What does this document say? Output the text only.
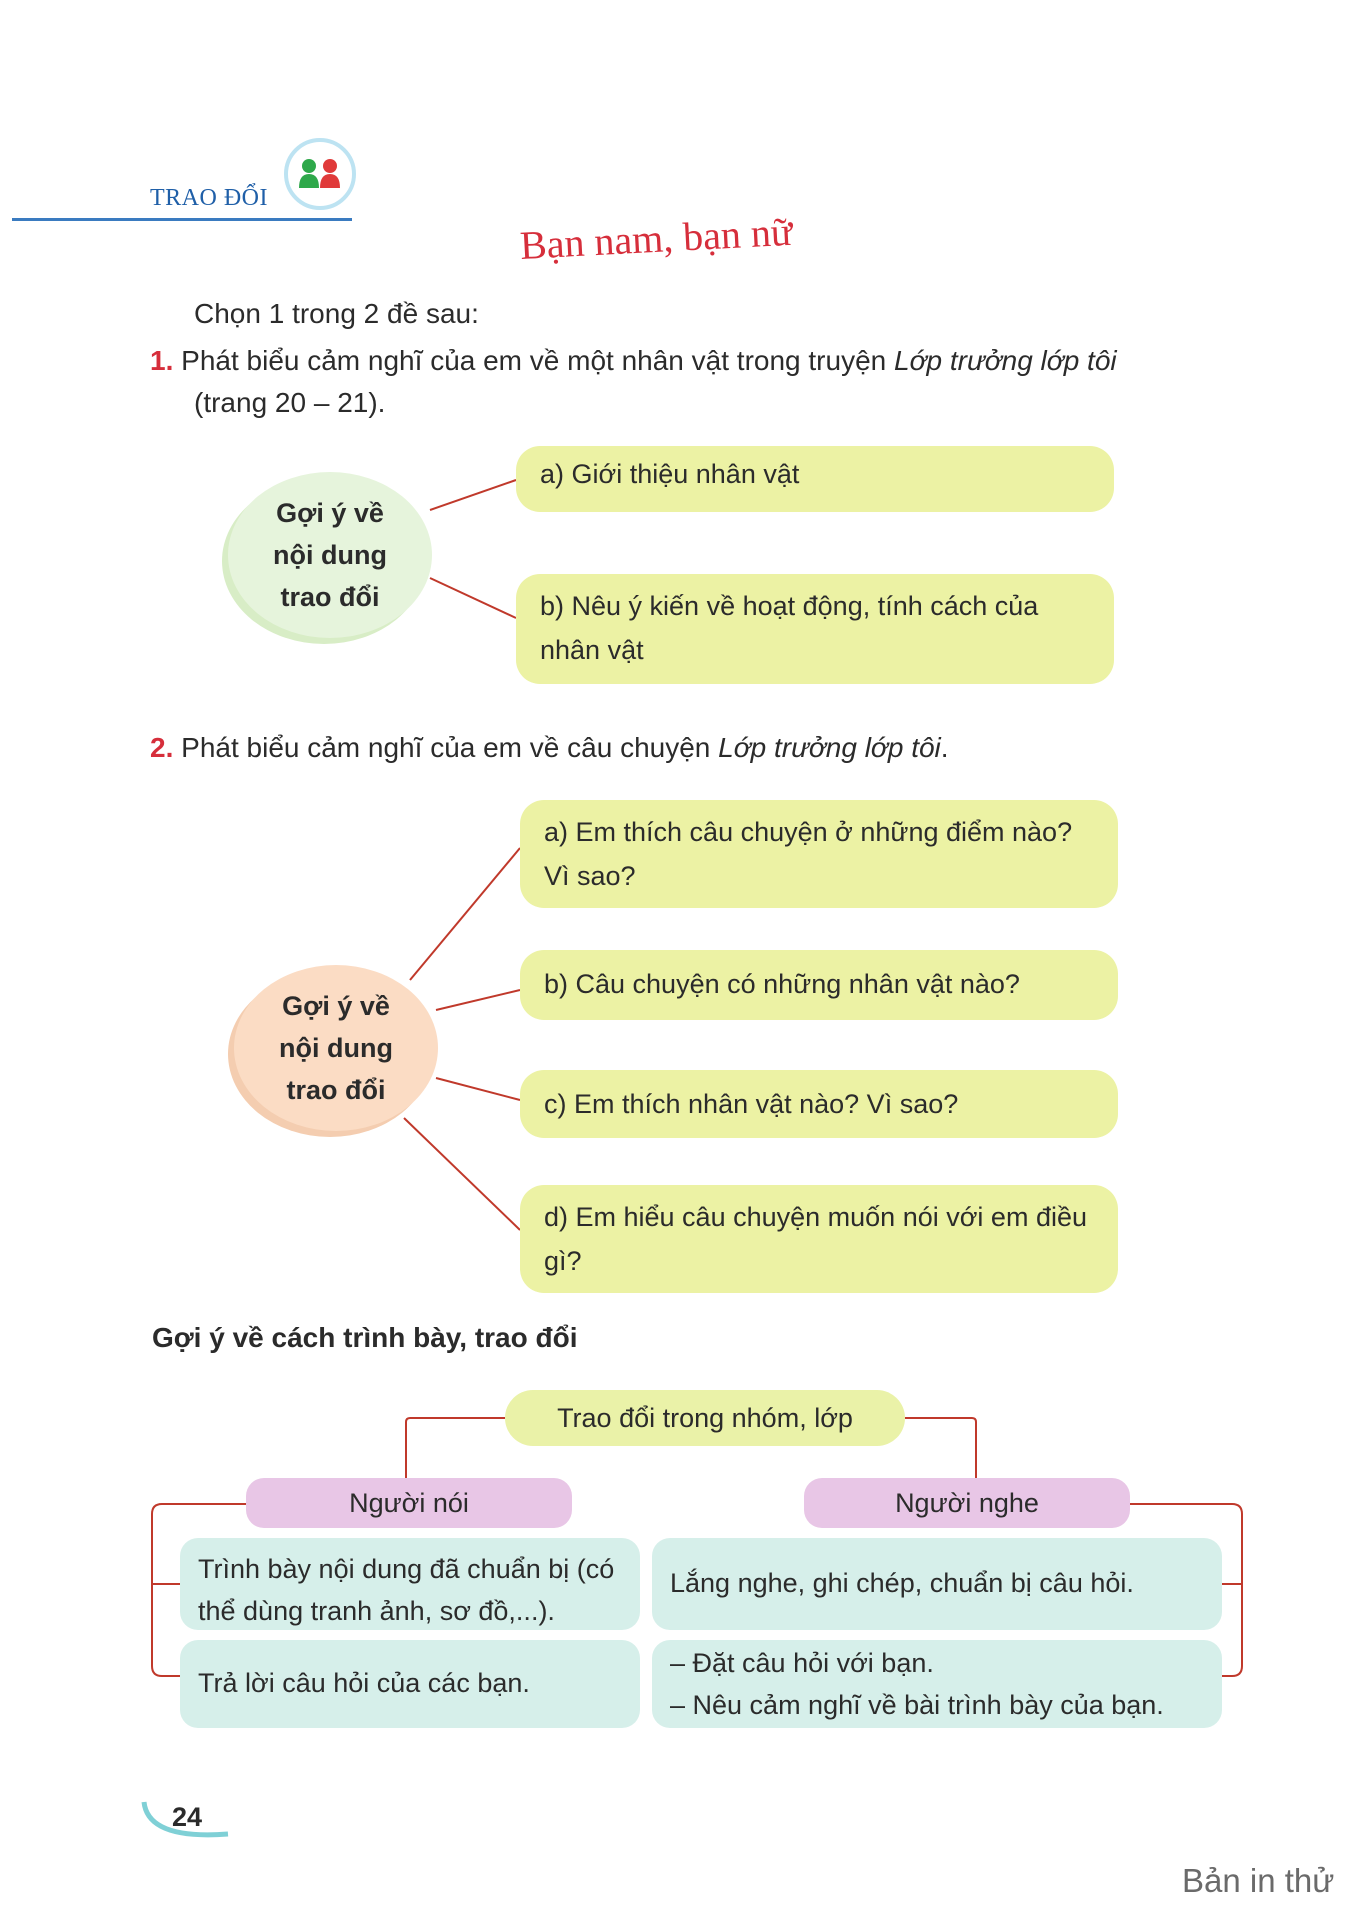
TRAO ĐỔI
Bạn nam, bạn nữ
Chọn 1 trong 2 đề sau:
1. Phát biểu cảm nghĩ của em về một nhân vật trong truyện Lớp trưởng lớp tôi
(trang 20 – 21).
Gợi ý về
nội dung
trao đổi
a) Giới thiệu nhân vật
b) Nêu ý kiến về hoạt động, tính cách của nhân vật
2. Phát biểu cảm nghĩ của em về câu chuyện Lớp trưởng lớp tôi.
Gợi ý về
nội dung
trao đổi
a) Em thích câu chuyện ở những điểm nào? Vì sao?
b) Câu chuyện có những nhân vật nào?
c) Em thích nhân vật nào? Vì sao?
d) Em hiểu câu chuyện muốn nói với em điều gì?
Gợi ý về cách trình bày, trao đổi
Trao đổi trong nhóm, lớp
Người nói	Người nghe
Trình bày nội dung đã chuẩn bị (có thể dùng tranh ảnh, sơ đồ,...).
Trả lời câu hỏi của các bạn.
Lắng nghe, ghi chép, chuẩn bị câu hỏi.
– Đặt câu hỏi với bạn.
– Nêu cảm nghĩ về bài trình bày của bạn.
24
Bản in thử
